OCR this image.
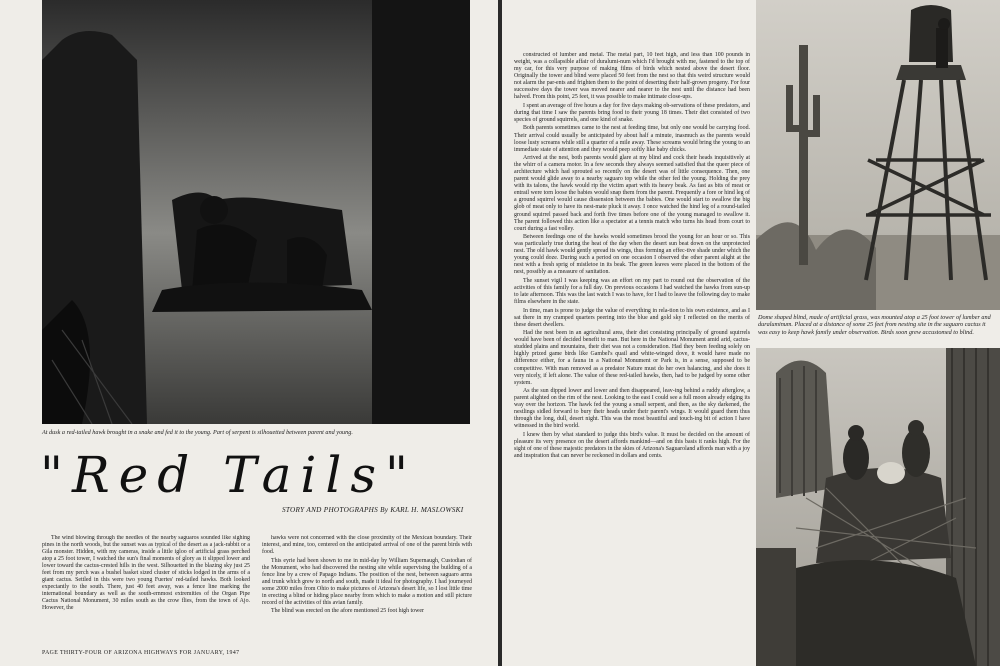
At dusk a red-tailed hawk brought in a snake and fed it to the young. Part of serpent is silhouetted between parent and young.
"Red Tails"
STORY AND PHOTOGRAPHS By KARL H. MASLOWSKI

The wind blowing through the needles of the nearby saguaros sounded like sighing pines in the north woods, but the sunset was as typical of the desert as a jack-rabbit or a Gila monster. Hidden, with my cameras, inside a little igloo of artificial grass perched atop a 25 foot tower, I watched the sun's final moments of glory as it slipped lower and lower toward the cactus-crested hills in the west. Silhouetted in the blazing sky just 25 feet from my perch was a bushel basket sized cluster of sticks lodged in the arms of a giant cactus. Settled in this were two young Fuertes' red-tailed hawks. Both looked expectantly to the south. There, just 40 feet away, was a fence line marking the international boundary as well as the south-ernmost extremities of the Organ Pipe Cactus National Monument, 30 miles south as the crow flies, from the town of Ajo. However, the

hawks were not concerned with the close proximity of the Mexican boundary. Their interest, and mine, too, centered on the anticipated arrival of one of the parent birds with food.

This eyrie had been shown to me in mid-day by William Supernaugh, Custodian of the Monument, who had discovered the nesting site while supervising the building of a fence line by a crew of Papago Indians. The position of the nest, between saguaro arms and trunk which grew to north and south, made it ideal for photography. I had journeyed some 2000 miles from Ohio to make pictures of Arizona's desert life, so I lost little time in erecting a blind or hiding place nearby from which to make a motion and still picture record of the activities of this avian family.

The blind was erected on the afore mentioned 25 foot high tower

PAGE THIRTY-FOUR OF ARIZONA HIGHWAYS FOR JANUARY, 1947

constructed of lumber and metal. The metal part, 10 feet high, and less than 100 pounds in weight, was a collapsible affair of duralumi-num which I'd brought with me, fastened to the top of my car, for this very purpose of making films of birds which nested above the desert floor. Originally the tower and blind were placed 50 feet from the nest so that this weird structure would not alarm the par-ents and frighten them to the point of deserting their half-grown progeny. For four successive days the tower was moved nearer and nearer to the nest until the distance had been halved. From this point, 25 feet, it was possible to make intimate close-ups.

I spent an average of five hours a day for five days making ob-servations of these predators, and during that time I saw the parents bring food to their young 18 times. Their diet consisted of two species of ground squirrels, and one kind of snake.

Both parents sometimes came to the nest at feeding time, but only one would be carrying food. Their arrival could usually be anticipated by about half a minute, inasmuch as the parents would loose lusty screams while still a quarter of a mile away. These screams would bring the young to an immediate state of attention and they would peep softly like baby chicks.

Arrived at the nest, both parents would glare at my blind and cock their heads inquisitively at the whirr of a camera motor. In a few seconds they always seemed satisfied that the queer piece of architecture which had sprouted so recently on the desert was of little consequence. Then, one parent would glide away to a nearby saguaro top while the other fed the young. Holding the prey with its talons, the hawk would rip the victim apart with its heavy beak. As fast as bits of meat or entrail were torn loose the babies would snap them from the parent. Frequently a fore or hind leg of a ground squirrel would cause dissension between the babies. One would start to swallow the big glob of meat only to have its nest-mate pluck it away. I once watched the hind leg of a round-tailed ground squirrel passed back and forth five times before one of the young managed to swallow it. The parent followed this action like a spectator at a tennis match who turns his head from court to court during a fast volley.

Between feedings one of the hawks would sometimes brood the young for an hour or so. This was particularly true during the heat of the day when the desert sun beat down on the unprotected nest. The old hawk would gently spread its wings, thus forming an effec-tive shade under which the young could doze. During such a period on one occasion I observed the other parent alight at the nest with a fresh sprig of mistletoe in its beak. The green leaves were placed in the bottom of the nest, possibly as a measure of sanitation.

The sunset vigil I was keeping was an effort on my part to round out the observation of the activities of this family for a full day. On previous occasions I had watched the hawks from sun-up to late afternoon. This was the last watch I was to have, for I had to leave the following day to make films elsewhere in the state.

In time, man is prone to judge the value of everything in rela-tion to his own existence, and as I sat there in my cramped quarters peering into the blue and gold sky I reflected on the merits of these desert dwellers.

Had the nest been in an agricultural area, their diet consisting principally of ground squirrels would have been of decided benefit to man. But here in the National Monument amid arid, cactus-studded plains and mountains, their diet was not a consideration. Had they been feeding solely on highly prized game birds like Gambel's quail and white-winged dove, it would have made no difference either, for a fauna in a National Monument or Park is, in a sense, supposed to be competitive. With man removed as a predator Nature must do her own balancing, and she does it very nicely, if left alone. The value of these red-tailed hawks, then, had to be judged by some other system.

As the sun dipped lower and lower and then disappeared, leav-ing behind a ruddy afterglow, a parent alighted on the rim of the nest. Looking to the east I could see a full moon already edging its way over the horizon. The hawk fed the young a small serpent, and then, as the sky darkened, the nestlings sidled forward to bury their heads under their parent's wings. It would guard them thus through the long, dull, desert night. This was the most beautiful and touch-ing bit of action I have witnessed in the bird world.

I knew then by what standard to judge this bird's value. It must be decided on the amount of pleasure its very presence on the desert affords mankind—and on this basis it ranks high. For the sight of one of these majestic predators in the skies of Arizona's Saguaroland affords man with a joy and inspiration that can never be reckoned in dollars and cents.

Dome shaped blind, made of artificial grass, was mounted atop a 25 foot tower of lumber and duraluminum. Placed at a distance of some 25 feet from nesting site in the saguaro cactus it was easy to keep hawk family under observation. Birds soon grew accustomed to blind.
